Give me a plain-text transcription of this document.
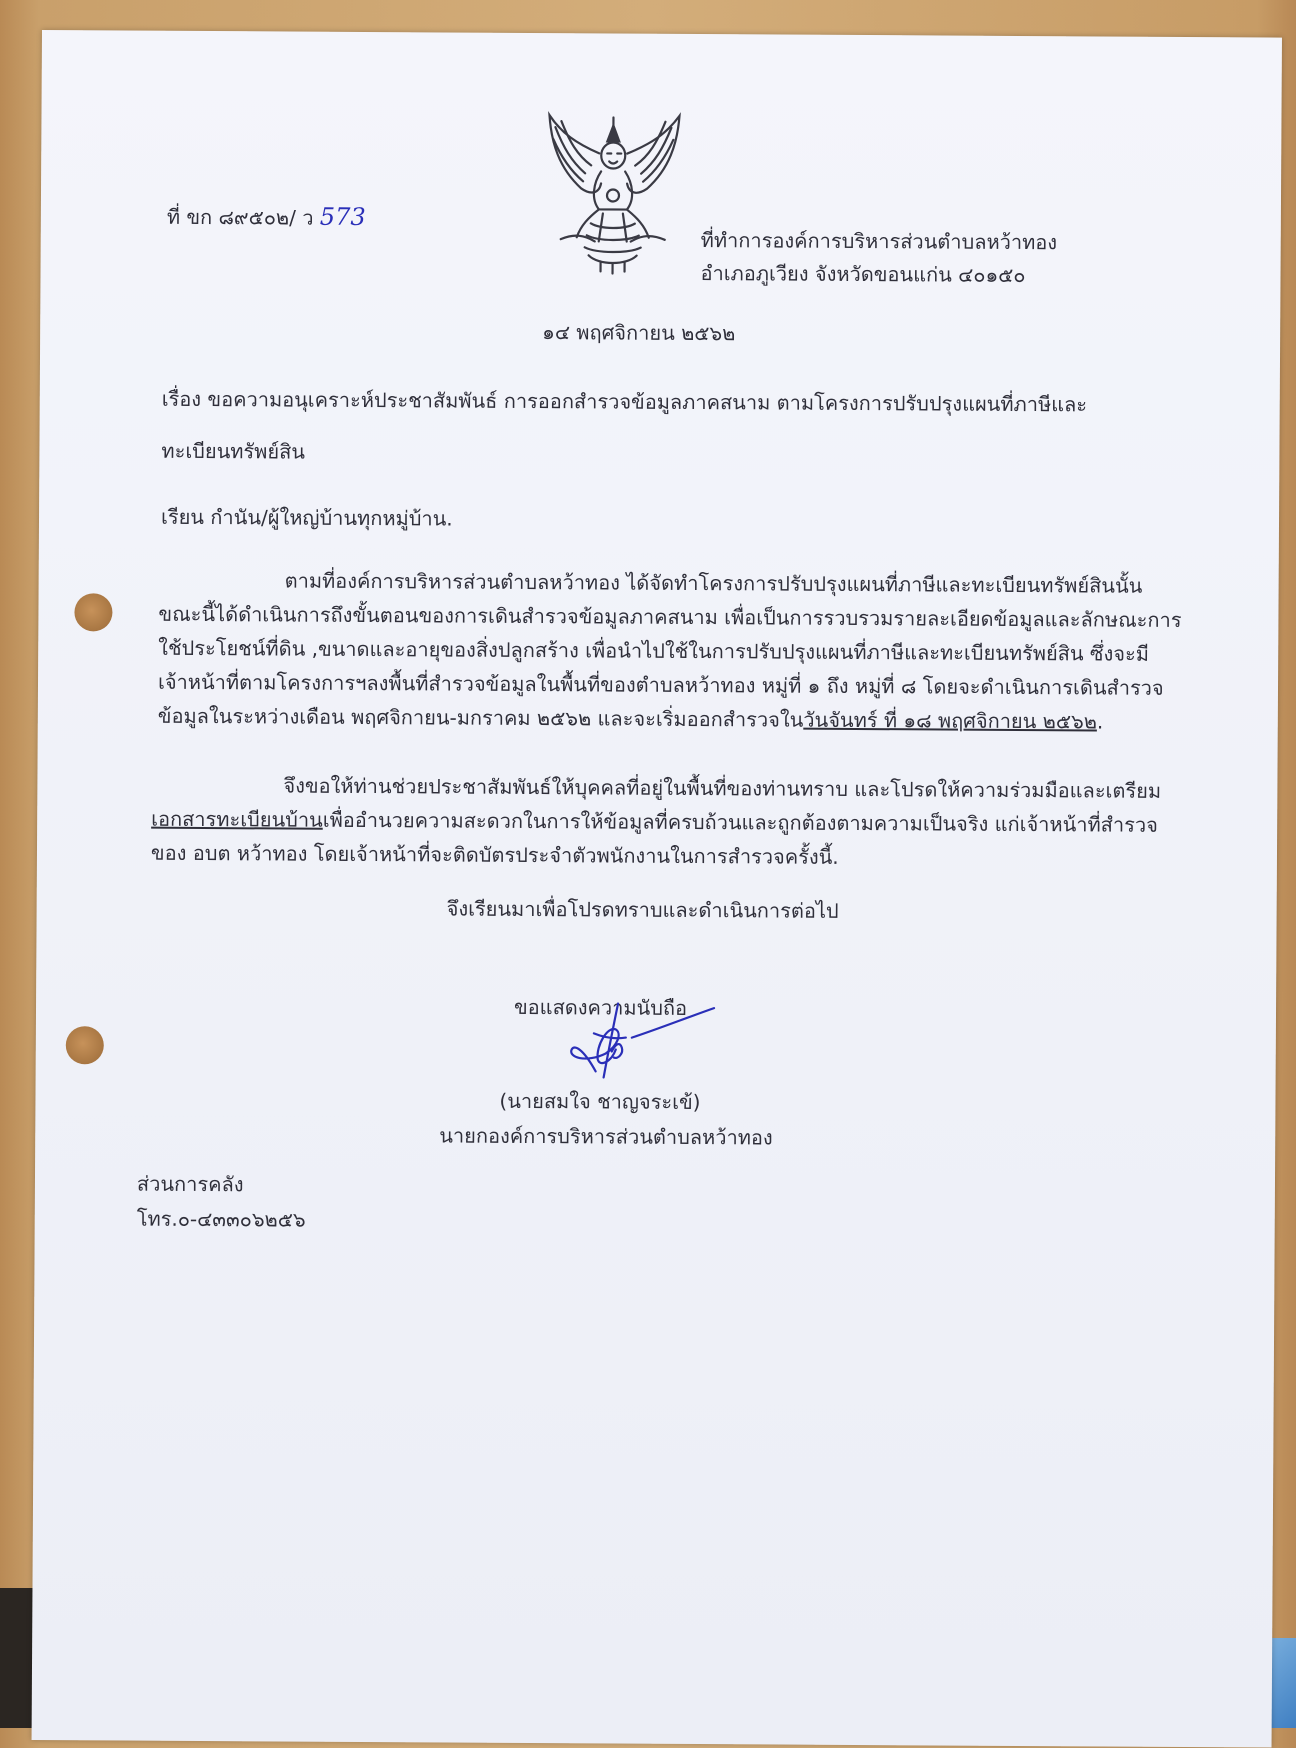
ที่ ขก ๘๙๕๐๒/ ว 573
ที่ทำการองค์การบริหารส่วนตำบลหว้าทอง
อำเภอภูเวียง จังหวัดขอนแก่น ๔๐๑๕๐
๑๔ พฤศจิกายน ๒๕๖๒
เรื่อง ขอความอนุเคราะห์ประชาสัมพันธ์ การออกสำรวจข้อมูลภาคสนาม ตามโครงการปรับปรุงแผนที่ภาษีและ
ทะเบียนทรัพย์สิน
เรียน กำนัน/ผู้ใหญ่บ้านทุกหมู่บ้าน.
ตามที่องค์การบริหารส่วนตำบลหว้าทอง ได้จัดทำโครงการปรับปรุงแผนที่ภาษีและทะเบียนทรัพย์สินนั้น
ขณะนี้ได้ดำเนินการถึงขั้นตอนของการเดินสำรวจข้อมูลภาคสนาม เพื่อเป็นการรวบรวมรายละเอียดข้อมูลและลักษณะการ
ใช้ประโยชน์ที่ดิน ,ขนาดและอายุของสิ่งปลูกสร้าง เพื่อนำไปใช้ในการปรับปรุงแผนที่ภาษีและทะเบียนทรัพย์สิน ซึ่งจะมี
เจ้าหน้าที่ตามโครงการฯลงพื้นที่สำรวจข้อมูลในพื้นที่ของตำบลหว้าทอง หมู่ที่ ๑ ถึง หมู่ที่ ๘ โดยจะดำเนินการเดินสำรวจ
ข้อมูลในระหว่างเดือน พฤศจิกายน-มกราคม ๒๕๖๒ และจะเริ่มออกสำรวจในวันจันทร์ ที่ ๑๘ พฤศจิกายน ๒๕๖๒.
จึงขอให้ท่านช่วยประชาสัมพันธ์ให้บุคคลที่อยู่ในพื้นที่ของท่านทราบ และโปรดให้ความร่วมมือและเตรียม
เอกสารทะเบียนบ้านเพื่ออำนวยความสะดวกในการให้ข้อมูลที่ครบถ้วนและถูกต้องตามความเป็นจริง แก่เจ้าหน้าที่สำรวจ
ของ อบต หว้าทอง โดยเจ้าหน้าที่จะติดบัตรประจำตัวพนักงานในการสำรวจครั้งนี้.
จึงเรียนมาเพื่อโปรดทราบและดำเนินการต่อไป
ขอแสดงความนับถือ
(นายสมใจ ชาญจระเข้)
นายกองค์การบริหารส่วนตำบลหว้าทอง
ส่วนการคลัง
โทร.๐-๔๓๓๐๖๒๕๖
